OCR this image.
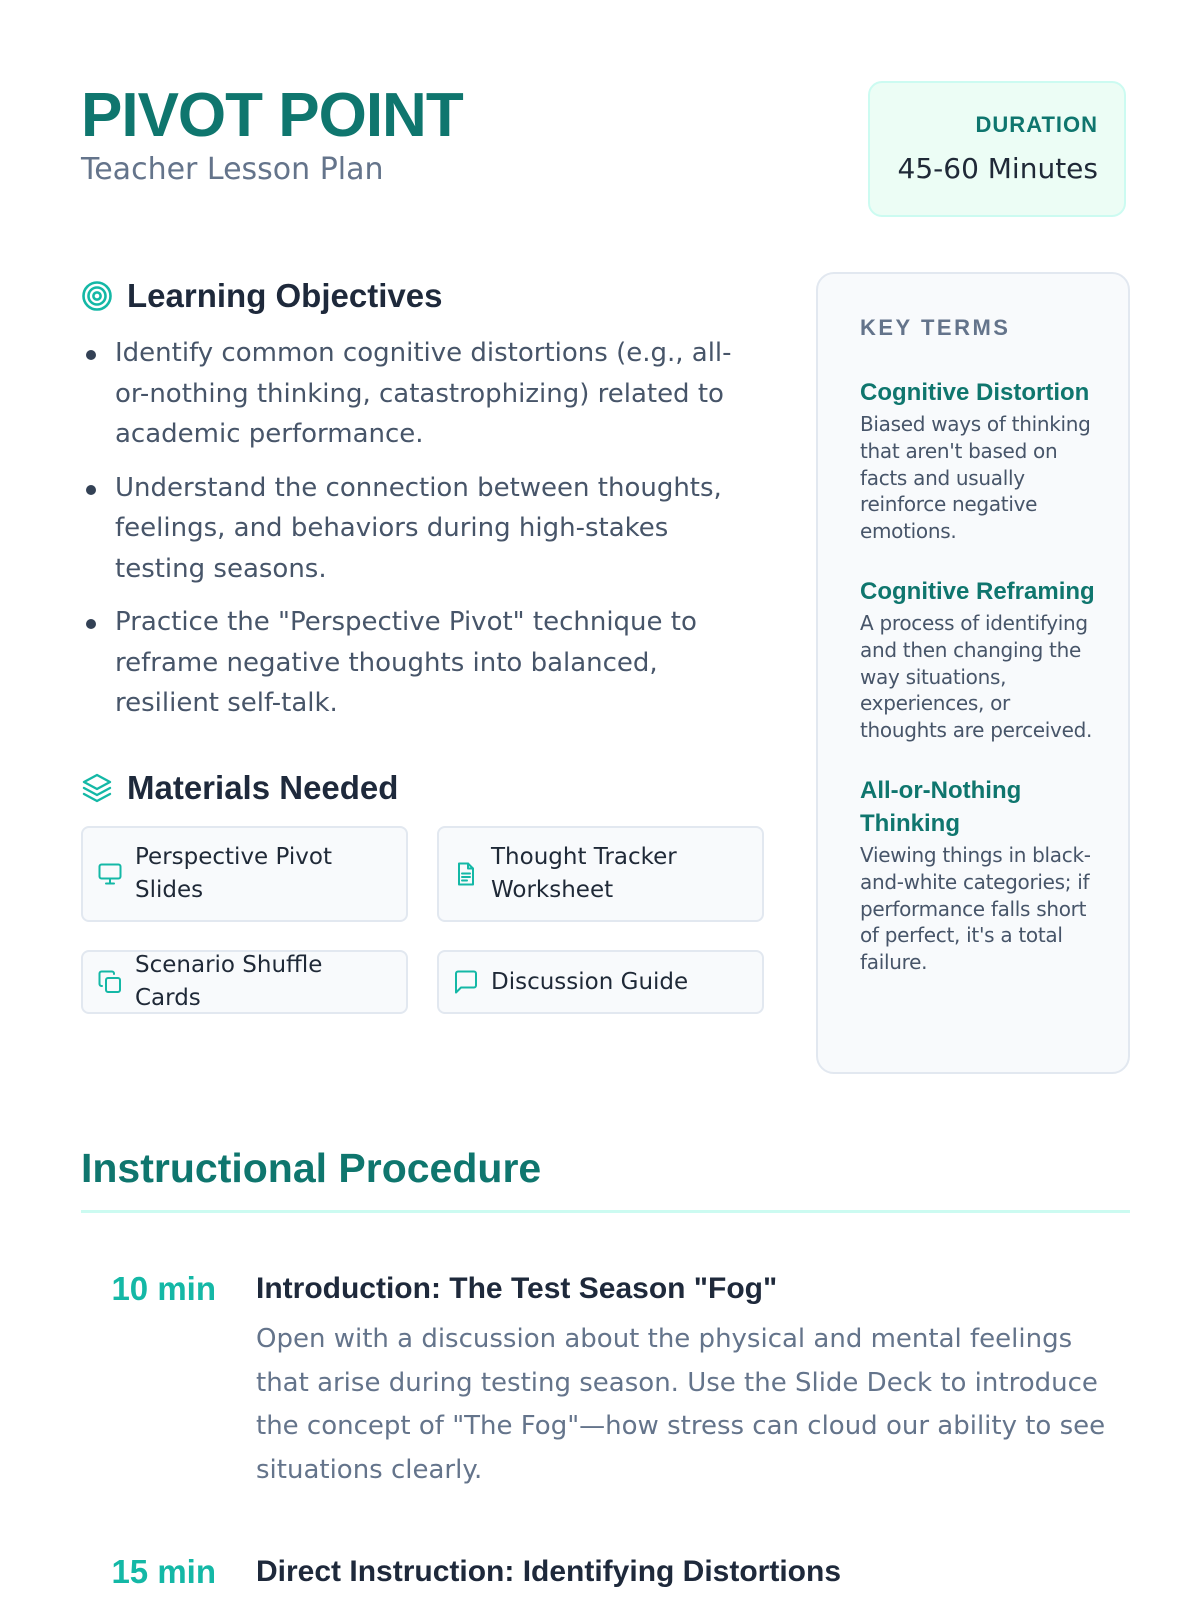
PIVOT POINT
Teacher Lesson Plan
DURATION
45-60 Minutes
Learning Objectives
Identify common cognitive distortions (e.g., all-or-nothing thinking, catastrophizing) related to academic performance.
Understand the connection between thoughts, feelings, and behaviors during high-stakes testing seasons.
Practice the "Perspective Pivot" technique to reframe negative thoughts into balanced, resilient self-talk.
Materials Needed
Perspective Pivot Slides
Thought Tracker Worksheet
Scenario Shuffle Cards
Discussion Guide
KEY TERMS
Cognitive Distortion
Biased ways of thinking that aren't based on facts and usually reinforce negative emotions.
Cognitive Reframing
A process of identifying and then changing the way situations, experiences, or thoughts are perceived.
All-or-Nothing Thinking
Viewing things in black-and-white categories; if performance falls short of perfect, it's a total failure.
Instructional Procedure
10 min Introduction: The Test Season "Fog"
Open with a discussion about the physical and mental feelings that arise during testing season. Use the Slide Deck to introduce the concept of "The Fog"—how stress can cloud our ability to see situations clearly.
15 min Direct Instruction: Identifying Distortions
